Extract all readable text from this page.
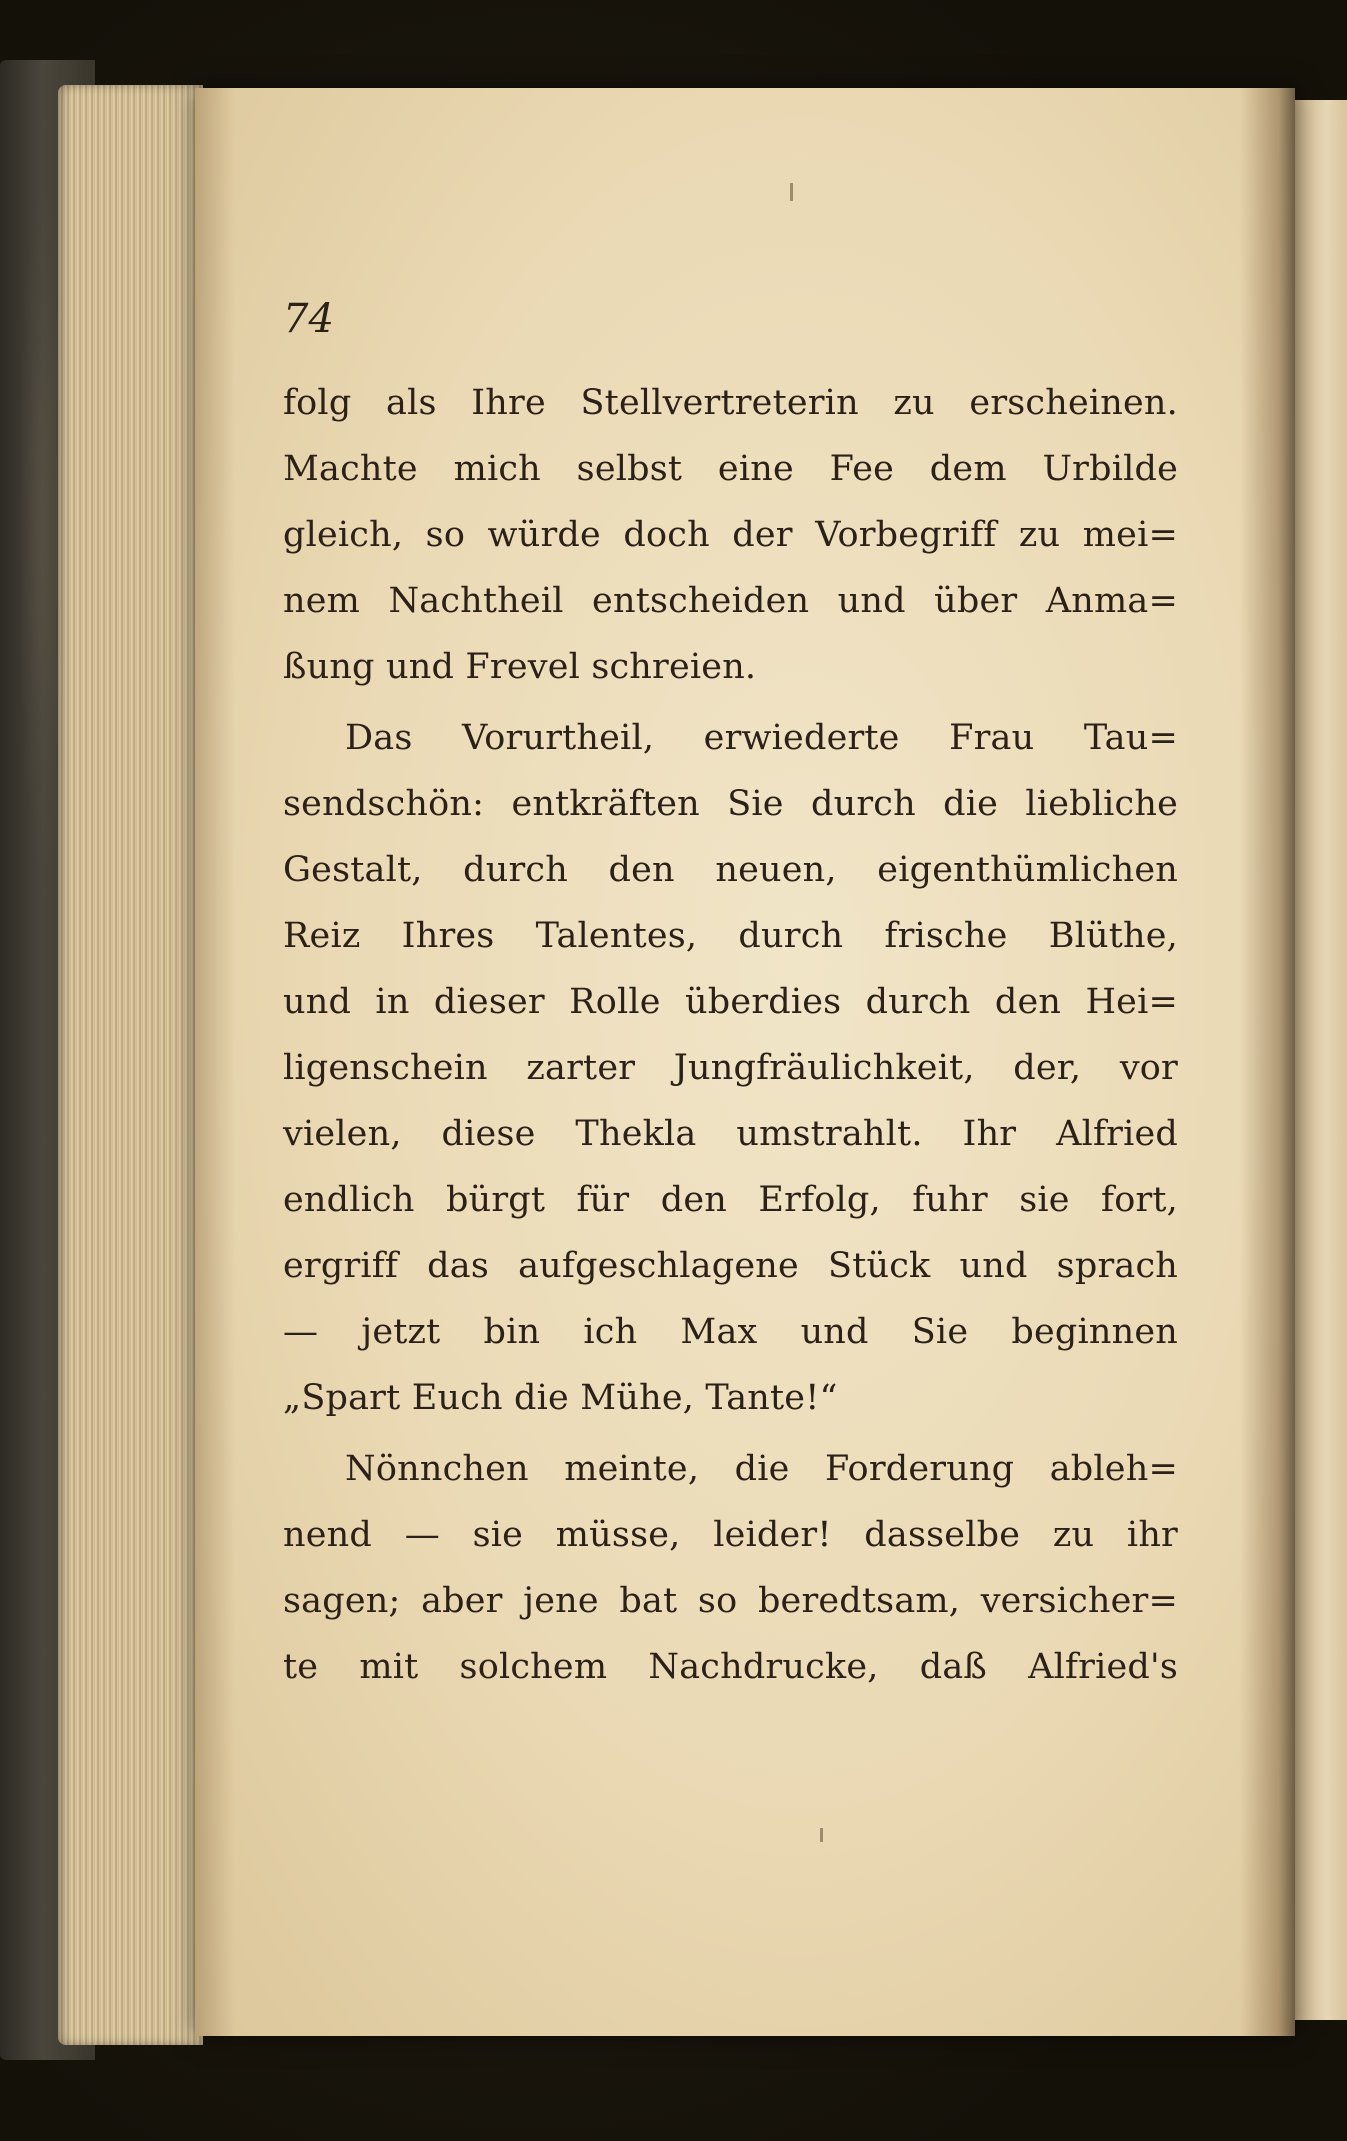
74
folg als Ihre Stellvertreterin zu erscheinen.
Machte mich selbst eine Fee dem Urbilde
gleich, so würde doch der Vorbegriff zu mei=
nem Nachtheil entscheiden und über Anma=
ßung und Frevel schreien.
Das Vorurtheil, erwiederte Frau Tau=
sendschön: entkräften Sie durch die liebliche
Gestalt, durch den neuen, eigenthümlichen
Reiz Ihres Talentes, durch frische Blüthe,
und in dieser Rolle überdies durch den Hei=
ligenschein zarter Jungfräulichkeit, der, vor
vielen, diese Thekla umstrahlt. Ihr Alfried
endlich bürgt für den Erfolg, fuhr sie fort,
ergriff das aufgeschlagene Stück und sprach
— jetzt bin ich Max und Sie beginnen
„Spart Euch die Mühe, Tante!“
Nönnchen meinte, die Forderung ableh=
nend — sie müsse, leider! dasselbe zu ihr
sagen; aber jene bat so beredtsam, versicher=
te mit solchem Nachdrucke, daß Alfried's
